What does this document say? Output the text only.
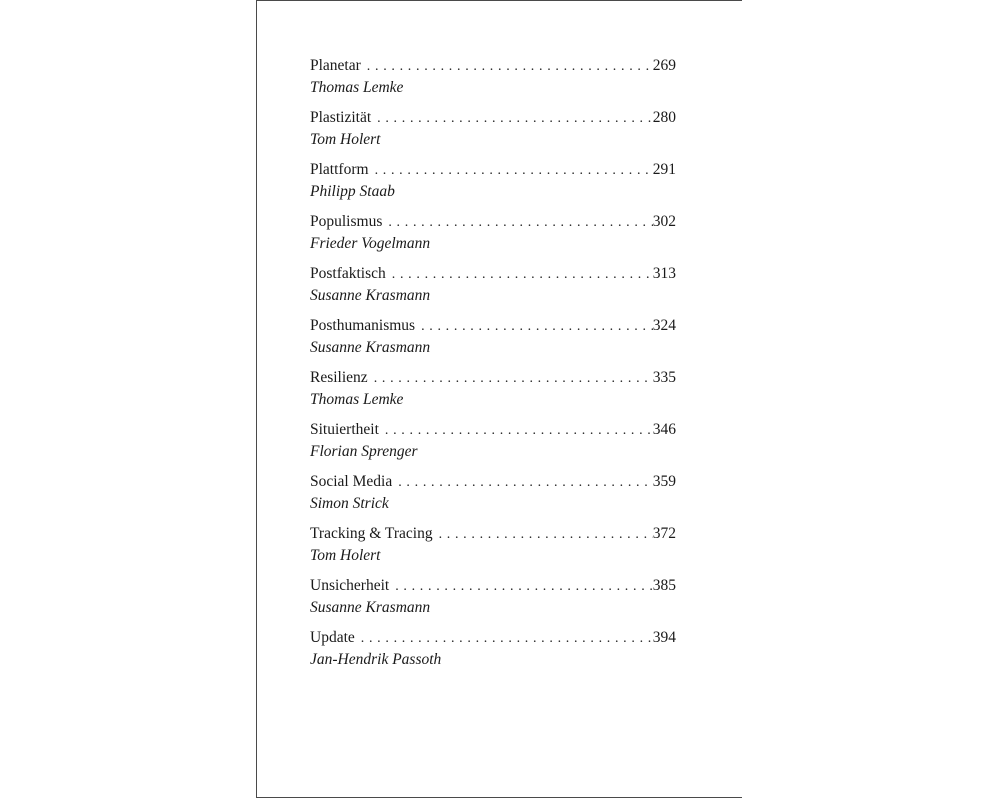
Planetar . . .	269
Thomas Lemke
Plastizität . . .	280
Tom Holert
Plattform . . .	291
Philipp Staab
Populismus . . .	302
Frieder Vogelmann
Postfaktisch . . .	313
Susanne Krasmann
Posthumanismus . . .	324
Susanne Krasmann
Resilienz . . .	335
Thomas Lemke
Situiertheit . . .	346
Florian Sprenger
Social Media . . .	359
Simon Strick
Tracking & Tracing . . .	372
Tom Holert
Unsicherheit . . .	385
Susanne Krasmann
Update . . .	394
Jan-Hendrik Passoth
